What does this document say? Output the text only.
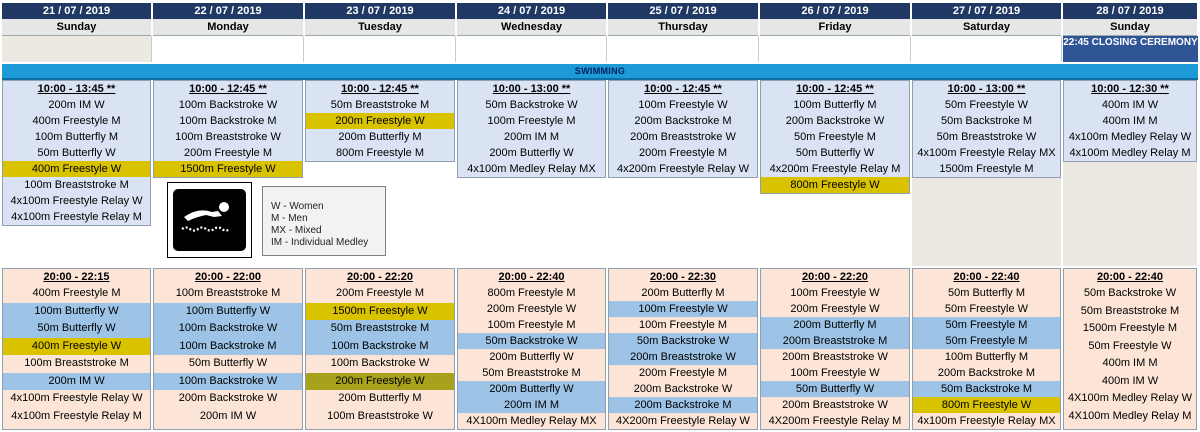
21 / 07 / 2019
Sunday
22 / 07 / 2019
Monday
23 / 07 / 2019
Tuesday
24 / 07 / 2019
Wednesday
25 / 07 / 2019
Thursday
26 / 07 / 2019
Friday
27 / 07 / 2019
Saturday
28 / 07 / 2019
Sunday
22:45 CLOSING CEREMONY
SWIMMING
10:00 - 13:45 **
200m IM W
400m Freestyle M
100m Butterfly M
50m Butterfly W
400m Freestyle W
100m Breaststroke M
4x100m Freestyle Relay W
4x100m Freestyle Relay M
10:00 - 12:45 **
100m Backstroke W
100m Backstroke M
100m Breaststroke W
200m Freestyle M
1500m Freestyle W
10:00 - 12:45 **
50m Breaststroke M
200m Freestyle W
200m Butterfly M
800m Freestyle M
10:00 - 13:00 **
50m Backstroke W
100m Freestyle M
200m IM M
200m Butterfly W
4x100m Medley Relay MX
10:00 - 12:45 **
100m Freestyle W
200m Backstroke M
200m Breaststroke W
200m Freestyle M
4x200m Freestyle Relay W
10:00 - 12:45 **
100m Butterfly M
200m Backstroke W
50m Freestyle M
50m Butterfly W
4x200m Freestyle Relay M
800m Freestyle W
10:00 - 13:00 **
50m Freestyle W
50m Backstroke M
50m Breaststroke W
4x100m Freestyle Relay MX
1500m Freestyle M
10:00 - 12:30 **
400m IM W
400m IM M
4x100m Medley Relay W
4x100m Medley Relay M
W - Women
M - Men
MX - Mixed
IM - Individual Medley
20:00 - 22:15
400m Freestyle M
100m Butterfly W
50m Butterfly W
400m Freestyle W
100m Breaststroke M
200m IM W
4x100m Freestyle Relay W
4x100m Freestyle Relay M
20:00 - 22:00
100m Breaststroke M
100m Butterfly W
100m Backstroke W
100m Backstroke M
50m Butterfly W
100m Backstroke W
200m Backstroke W
200m IM W
20:00 - 22:20
200m Freestyle M
1500m Freestyle W
50m Breaststroke M
100m Backstroke M
100m Backstroke W
200m Freestyle W
200m Butterfly M
100m Breaststroke W
20:00 - 22:40
800m Freestyle M
200m Freestyle W
100m Freestyle M
50m Backstroke W
200m Butterfly W
50m Breaststroke M
200m Butterfly W
200m IM M
4X100m Medley Relay MX
20:00 - 22:30
200m Butterfly M
100m Freestyle W
100m Freestyle M
50m Backstroke W
200m Breaststroke W
200m Freestyle M
200m Backstroke W
200m Backstroke M
4X200m Freestyle Relay W
20:00 - 22:20
100m Freestyle W
200m Freestyle W
200m Butterfly M
200m Breaststroke M
200m Breaststroke W
100m Freestyle W
50m Butterfly W
200m Breaststroke W
4X200m Freestyle Relay M
20:00 - 22:40
50m Butterfly M
50m Freestyle W
50m Freestyle M
50m Freestyle M
100m Butterfly M
200m Backstroke M
50m Backstroke M
800m Freestyle W
4x100m Freestyle Relay MX
20:00 - 22:40
50m Backstroke W
50m Breaststroke M
1500m Freestyle M
50m Freestyle W
400m IM M
400m IM W
4X100m Medley Relay W
4X100m Medley Relay M
